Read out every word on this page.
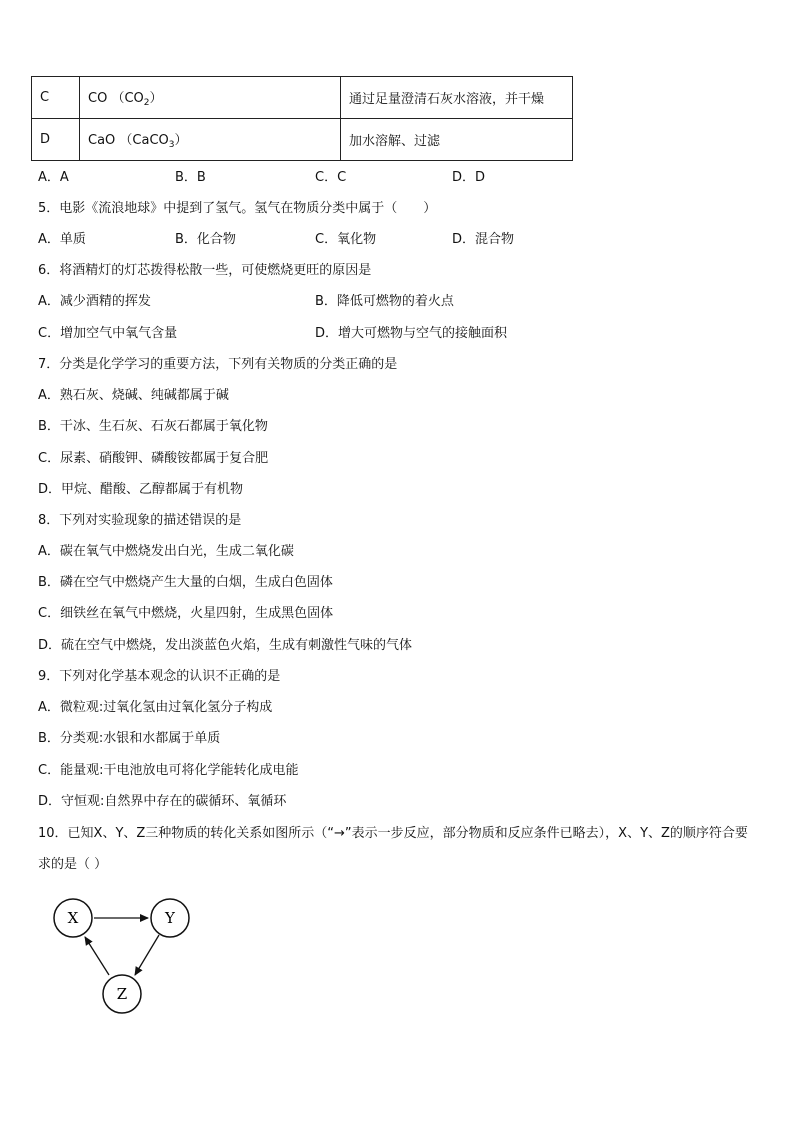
C	CO $(CO_2)$	通过足量澄清石灰水溶液，并干燥
D	CaO （CaCO$_3$）	加水溶解、过滤
A．A	B．B	C．C	D．D
5．电影《流浪地球》中提到了氢气。氢气在物质分类中属于（　　）
A．单质	B．化合物	C．氧化物	D．混合物
6．将酒精灯的灯芯拨得松散一些，可使燃烧更旺的原因是
A．减少酒精的挥发	B．降低可燃物的着火点
C．增加空气中氧气含量	D．增大可燃物与空气的接触面积
7．分类是化学学习的重要方法，下列有关物质的分类正确的是
A．熟石灰、烧碱、纯碱都属于碱
B．干冰、生石灰、石灰石都属于氧化物
C．尿素、硝酸钾、磷酸铵都属于复合肥
D．甲烷、醋酸、乙醇都属于有机物
8．下列对实验现象的描述错误的是
A．碳在氧气中燃烧发出白光，生成二氧化碳
B．磷在空气中燃烧产生大量的白烟，生成白色固体
C．细铁丝在氧气中燃烧，火星四射，生成黑色固体
D．硫在空气中燃烧，发出淡蓝色火焰，生成有刺激性气味的气体
9．下列对化学基本观念的认识不正确的是
A．微粒观:过氧化氢由过氧化氢分子构成
B．分类观:水银和水都属于单质
C．能量观:干电池放电可将化学能转化成电能
D．守恒观:自然界中存在的碳循环、氧循环
10．已知X、Y、Z三种物质的转化关系如图所示（“→”表示一步反应，部分物质和反应条件已略去），X、Y、Z的顺序符合要求的是（ ）
X	Y
Z
